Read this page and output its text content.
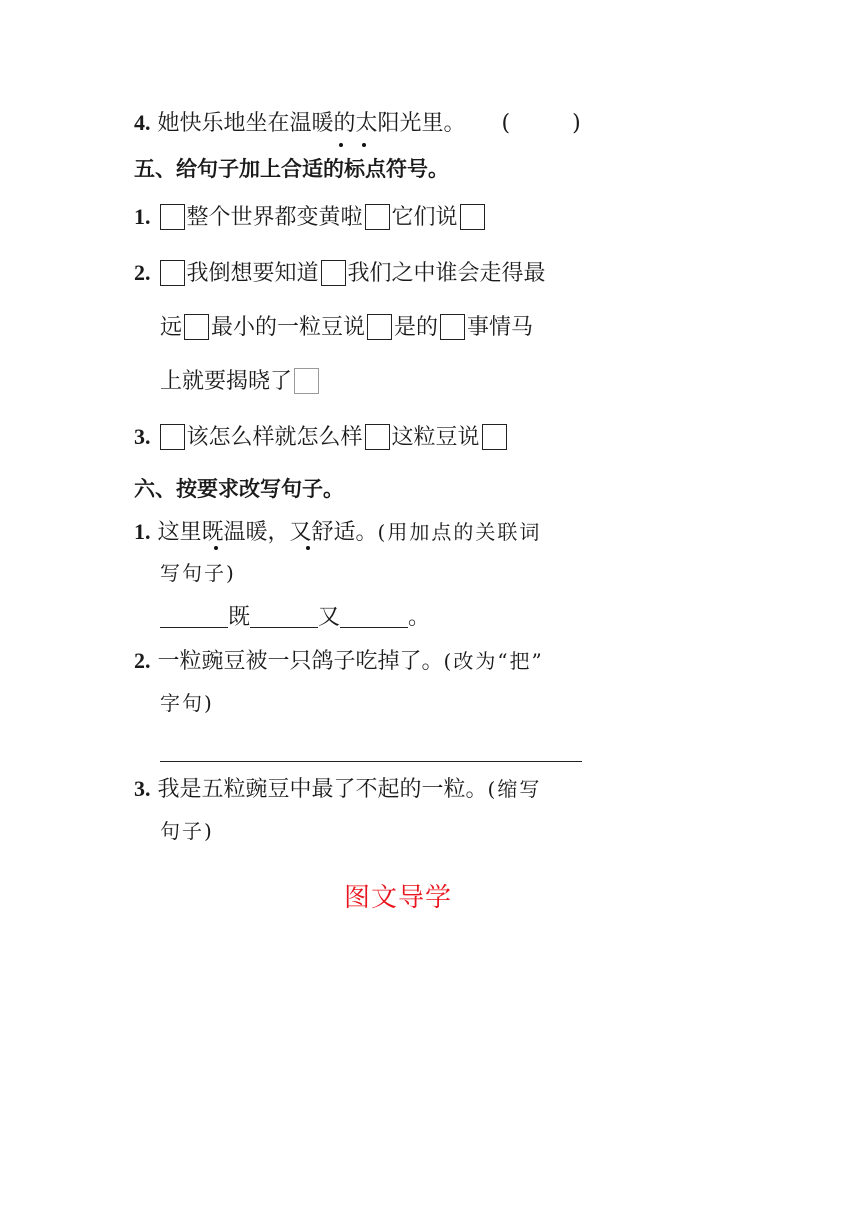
4. 她快乐地坐在温暖的太阳光里。 (	)
五、给句子加上合适的标点符号。
1. 整个世界都变黄啦 它们说
2. 我倒想要知道 我们之中谁会走得最
远 最小的一粒豆说 是的 事情马
上就要揭晓了
3. 该怎么样就怎么样 这粒豆说
六、按要求改写句子。
1. 这里既温暖，又舒适。(用加点的关联词
写句子)
既	又	。
2. 一粒豌豆被一只鸽子吃掉了。(改为“把”
字句)
3. 我是五粒豌豆中最了不起的一粒。(缩写
句子)
图文导学
